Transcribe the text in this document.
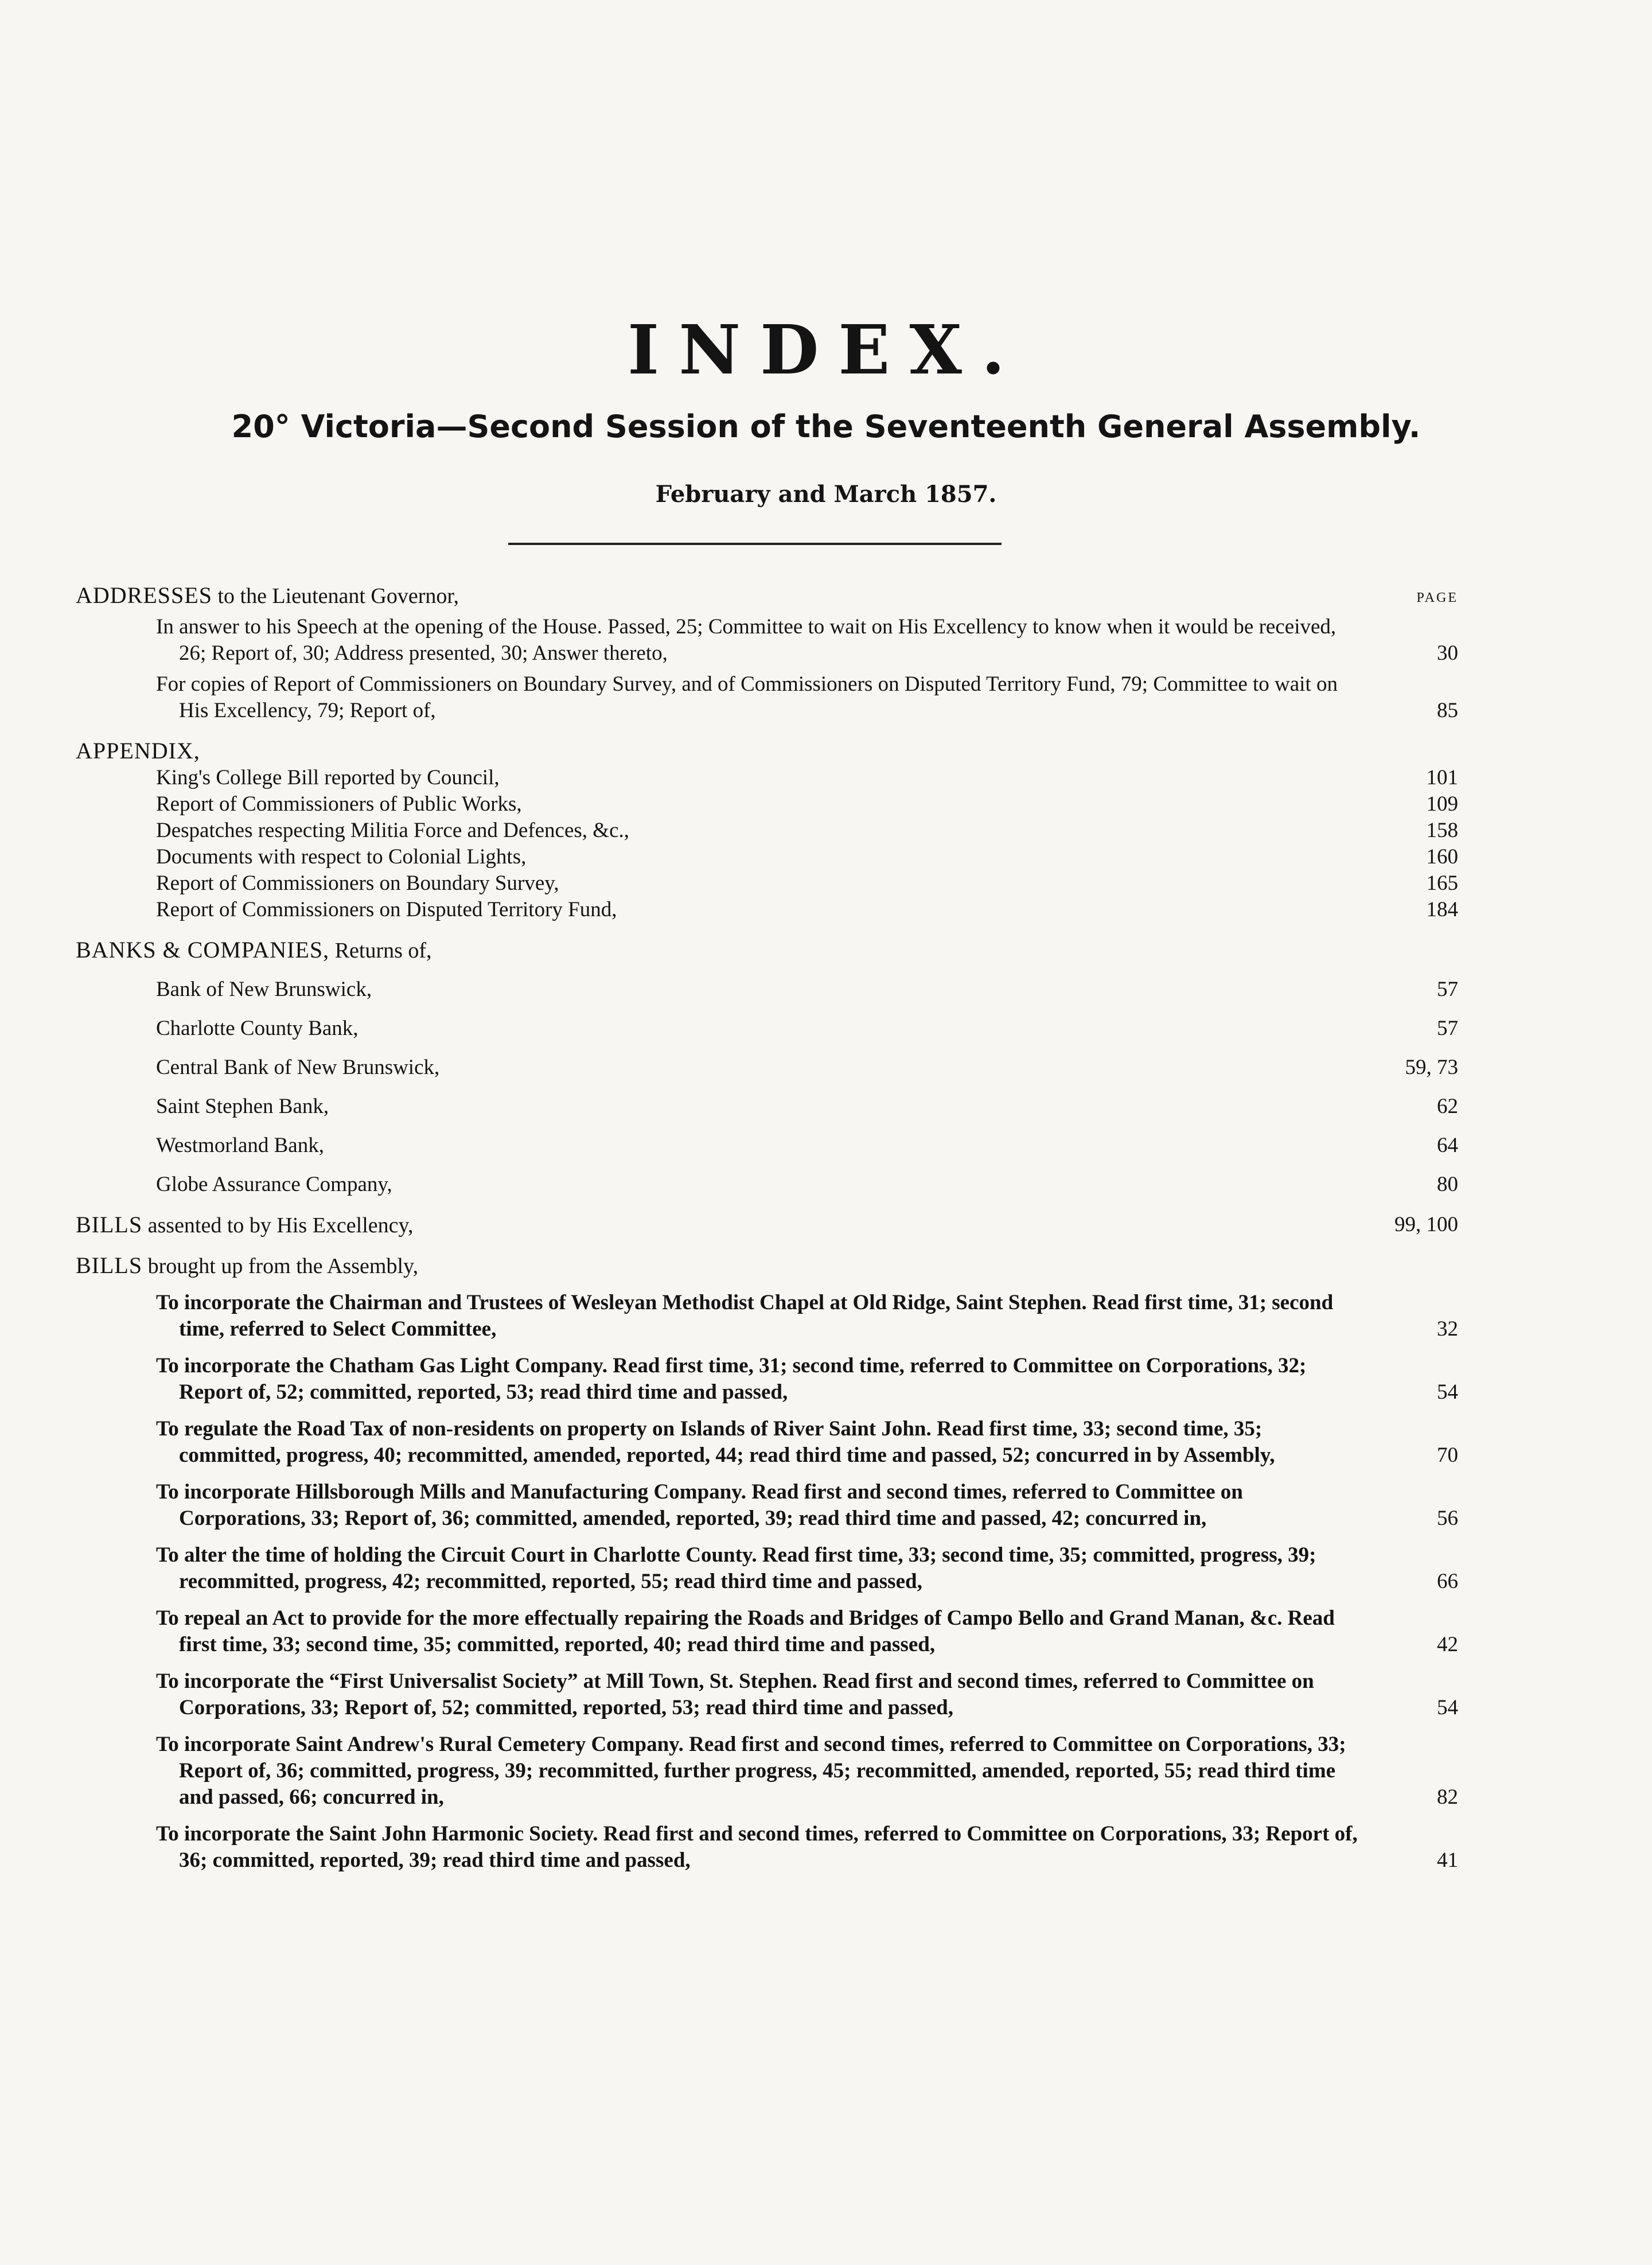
INDEX.
20° Victoria—Second Session of the Seventeenth General Assembly.
February and March 1857.
ADDRESSES to the Lieutenant Governor,	PAGE
In answer to his Speech at the opening of the House. Passed, 25; Committee to wait on His Excellency to know when it would be received, 26; Report of, 30; Address presented, 30; Answer thereto,	30
For copies of Report of Commissioners on Boundary Survey, and of Commissioners on Disputed Territory Fund, 79; Committee to wait on His Excellency, 79; Report of,	85
APPENDIX,
King's College Bill reported by Council,	101
Report of Commissioners of Public Works,	109
Despatches respecting Militia Force and Defences, &c.,	158
Documents with respect to Colonial Lights,	160
Report of Commissioners on Boundary Survey,	165
Report of Commissioners on Disputed Territory Fund,	184
BANKS & COMPANIES, Returns of,
Bank of New Brunswick,	57
Charlotte County Bank,	57
Central Bank of New Brunswick,	59, 73
Saint Stephen Bank,	62
Westmorland Bank,	64
Globe Assurance Company,	80
BILLS assented to by His Excellency,	99, 100
BILLS brought up from the Assembly,
To incorporate the Chairman and Trustees of Wesleyan Methodist Chapel at Old Ridge, Saint Stephen. Read first time, 31; second time, referred to Select Committee,	32
To incorporate the Chatham Gas Light Company. Read first time, 31; second time, referred to Committee on Corporations, 32; Report of, 52; committed, reported, 53; read third time and passed,	54
To regulate the Road Tax of non-residents on property on Islands of River Saint John. Read first time, 33; second time, 35; committed, progress, 40; recommitted, amended, reported, 44; read third time and passed, 52; concurred in by Assembly,	70
To incorporate Hillsborough Mills and Manufacturing Company. Read first and second times, referred to Committee on Corporations, 33; Report of, 36; committed, amended, reported, 39; read third time and passed, 42; concurred in,	56
To alter the time of holding the Circuit Court in Charlotte County. Read first time, 33; second time, 35; committed, progress, 39; recommitted, progress, 42; recommitted, reported, 55; read third time and passed,	66
To repeal an Act to provide for the more effectually repairing the Roads and Bridges of Campo Bello and Grand Manan, &c. Read first time, 33; second time, 35; committed, reported, 40; read third time and passed,	42
To incorporate the “First Universalist Society” at Mill Town, St. Stephen. Read first and second times, referred to Committee on Corporations, 33; Report of, 52; committed, reported, 53; read third time and passed,	54
To incorporate Saint Andrew's Rural Cemetery Company. Read first and second times, referred to Committee on Corporations, 33; Report of, 36; committed, progress, 39; recommitted, further progress, 45; recommitted, amended, reported, 55; read third time and passed, 66; concurred in,	82
To incorporate the Saint John Harmonic Society. Read first and second times, referred to Committee on Corporations, 33; Report of, 36; committed, reported, 39; read third time and passed,	41
